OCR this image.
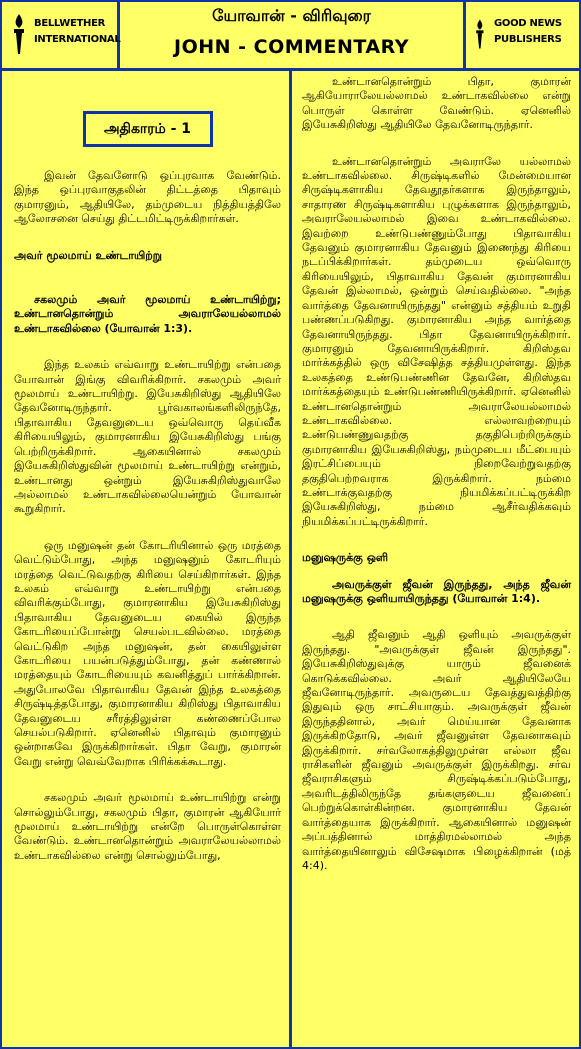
BELLWETHER INTERNATIONAL
யோவான் - விரிவுரை
JOHN - COMMENTARY
GOOD NEWS PUBLISHERS
அதிகாரம் - 1

இவன் தேவனோடு ஒப்புரவாக வேண்டும். இந்த ஒப்புரவாகுதலின் திட்டத்தை பிதாவும் குமாரனும், ஆதியிலே, தம்முடைய நித்தியத்திலே ஆலோசனை செய்து திட்டமிட்டிருக்கிறார்கள்.

அவர் மூலமாய் உண்டாயிற்று

சகலமும் அவர் மூலமாய் உண்டாயிற்று; உண்டானதொன்றும் அவராலேயல்லாமல் உண்டாகவில்லை (யோவான் 1:3).

இந்த உலகம் எவ்வாறு உண்டாயிற்று என்பதை யோவான் இங்கு விவரிக்கிறார். சகலமும் அவர் மூலமாய் உண்டாயிற்று. இயேசுகிறிஸ்து ஆதியிலே தேவனோடிருந்தார். பூர்வகாலங்களிலிருந்தே, பிதாவாகிய தேவனுடைய ஒவ்வொரு தெய்வீக கிரியையிலும், குமாரனாகிய இயேசுகிறிஸ்து பங்கு பெற்றிருக்கிறார். ஆகையினால் சகலமும் இயேசுகிறிஸ்துவின் மூலமாய் உண்டாயிற்று என்றும், உண்டானது ஒன்றும் இயேசுகிறிஸ்துவாலே அல்லாமல் உண்டாகவில்லையென்றும் யோவான் கூறுகிறார்.

ஒரு மனுஷன் தன் கோடரியினால் ஒரு மரத்தை வெட்டும்போது, அந்த மனுஷனும் கோடரியும் மரத்தை வெட்டுவதற்கு கிரியை செய்கிறார்கள். இந்த உலகம் எவ்வாறு உண்டாயிற்று என்பதை விவரிக்கும்போது, குமாரனாகிய இயேசுகிறிஸ்து பிதாவாகிய தேவனுடைய கையில் இருந்த கோடரியைப்போன்று செயல்படவில்லை. மரத்தை வெட்டுகிற அந்த மனுஷன், தன் கையிலுள்ள கோடரியை பயன்படுத்தும்போது, தன் கண்ணால் மரத்தையும் கோடரியையும் கவனித்துப் பார்க்கிறான். அதுபோலவே பிதாவாகிய தேவன் இந்த உலகத்தை சிருஷ்டித்தபோது, குமாரனாகிய கிறிஸ்து பிதாவாகிய தேவனுடைய சரீரத்திலுள்ள கண்ணைப்போல செயல்படுகிறார். ஏனெனில் பிதாவும் குமாரனும் ஒன்றாகவே இருக்கிறார்கள். பிதா வேறு, குமாரன் வேறு என்று வெவ்வேறாக பிரிக்கக்கூடாது.

சகலமும் அவர் மூலமாய் உண்டாயிற்று என்று சொல்லும்போது, சகலமும் பிதா, குமாரன் ஆகியோர் மூலமாய் உண்டாயிற்று என்றே பொருள்கொள்ள வேண்டும். உண்டானதொன்றும் அவராலேயல்லாமல் உண்டாகவில்லை என்று சொல்லும்போது,

உண்டானதொன்றும் பிதா, குமாரன் ஆகியோராலேயல்லாமல் உண்டாகவில்லை என்று பொருள் கொள்ள வேண்டும். ஏனெனில் இயேசுகிறிஸ்து ஆதியிலே தேவனோடிருந்தார்.

உண்டானதொன்றும் அவராலே யல்லாமல் உண்டாகவில்லை. சிருஷ்டிகளில் மேன்மையான சிருஷ்டிகளாகிய தேவதூதர்களாக இருந்தாலும், சாதாரண சிருஷ்டிகளாகிய புழுக்களாக இருந்தாலும், அவராலேயல்லாமல் இவை உண்டாகவில்லை. இவற்றை உண்டுபண்ணும்போது பிதாவாகிய தேவனும் குமாரனாகிய தேவனும் இணைந்து கிரியை நடப்பிக்கிறார்கள். தம்முடைய ஒவ்வொரு கிரியையிலும், பிதாவாகிய தேவன் குமாரனாகிய தேவன் இல்லாமல், ஒன்றும் செய்வதில்லை. "அந்த வார்த்தை தேவனாயிருந்தது" என்னும் சத்தியம் உறுதி பண்ணப்படுகிறது. குமாரனாகிய அந்த வார்த்தை தேவனாயிருந்தது. பிதா தேவனாயிருக்கிறார். குமாரனும் தேவனாயிருக்கிறார். கிறிஸ்தவ மார்க்கத்தில் ஒரு விசேஷித்த சத்தியமுள்ளது. இந்த உலகத்தை உண்டுபண்ணின தேவனே, கிறிஸ்தவ மார்க்கத்தையும் உண்டுபண்ணியிருக்கிறார். ஏனெனில் உண்டானதொன்றும் அவராலேயல்லாமல் உண்டாகவில்லை. எல்லாவற்றையும் உண்டுபண்ணுவதற்கு தகுதிபெற்றிருக்கும் குமாரனாகிய இயேசுகிறிஸ்து, நம்முடைய மீட்பையும் இரட்சிப்பையும் நிறைவேற்றுவதற்கு தகுதிபெற்றவராக இருக்கிறார். நம்மை உண்டாக்குவதற்கு நியமிக்கப்பட்டிருக்கிற இயேசுகிறிஸ்து, நம்மை ஆசீர்வதிக்கவும் நியமிக்கப்பட்டிருக்கிறார்.

மனுஷருக்கு ஒளி

அவருக்குள் ஜீவன் இருந்தது, அந்த ஜீவன் மனுஷருக்கு ஒளியாயிருந்தது (யோவான் 1:4).

ஆதி ஜீவனும் ஆதி ஒளியும் அவருக்குள் இருந்தது. "அவருக்குள் ஜீவன் இருந்தது". இயேசுகிறிஸ்துவுக்கு யாரும் ஜீவனைக் கொடுக்கவில்லை. அவர் ஆதியிலேயே ஜீவனோடிருந்தார். அவருடைய தேவத்துவத்திற்கு இதுவும் ஒரு சாட்சியாகும். அவருக்குள் ஜீவன் இருந்ததினால், அவர் மெய்யான தேவனாக இருக்கிறதோடு, அவர் ஜீவனுள்ள தேவனாகவும் இருக்கிறார். சர்வலோகத்திலுமுள்ள எல்லா ஜீவ ராசிகளின் ஜீவனும் அவருக்குள் இருக்கிறது. சர்வ ஜீவராசிகளும் சிருஷ்டிக்கப்படும்போது, அவரிடத்திலிருந்தே தங்களுடைய ஜீவனைப் பெற்றுக்கொள்கின்றன. குமாரனாகிய தேவன் வார்த்தையாக இருக்கிறார். ஆகையினால் மனுஷன் அப்பத்தினால் மாத்திரமல்லாமல் அந்த வார்த்தையினாலும் விசேஷமாக பிழைக்கிறான் (மத் 4:4).
